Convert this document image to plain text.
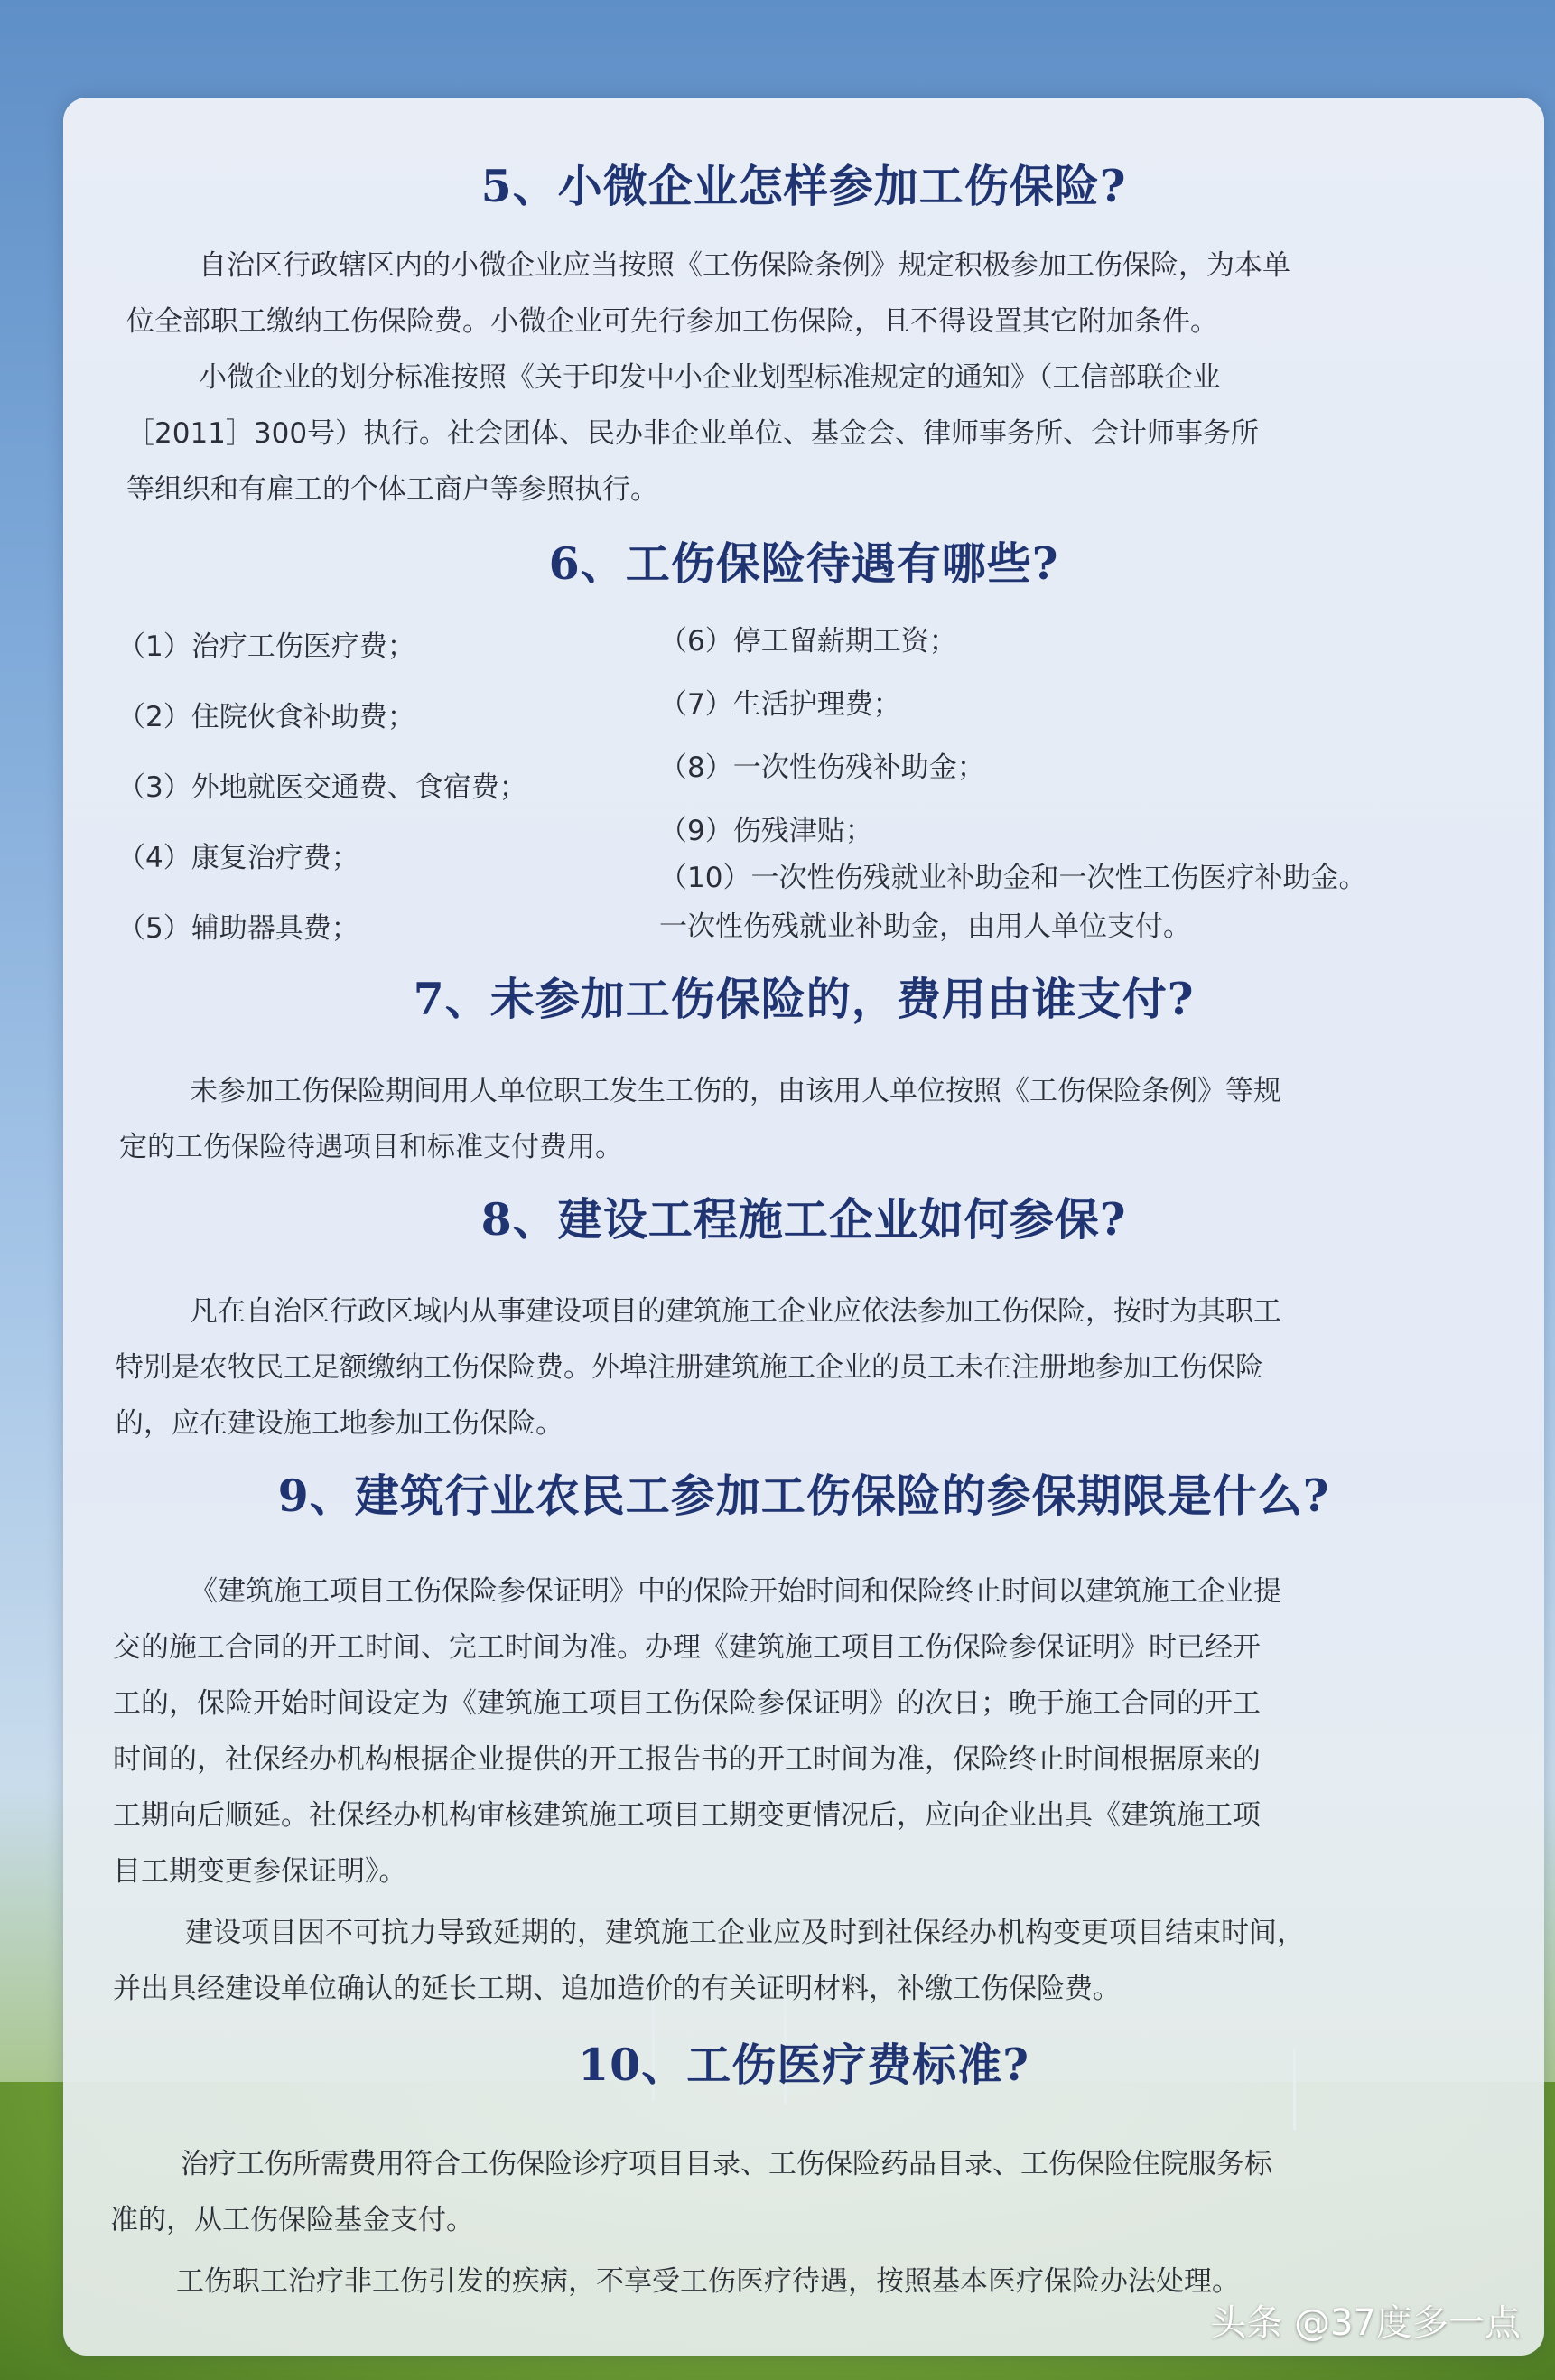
5、小微企业怎样参加工伤保险?
自治区行政辖区内的小微企业应当按照《工伤保险条例》规定积极参加工伤保险，为本单
位全部职工缴纳工伤保险费。小微企业可先行参加工伤保险，且不得设置其它附加条件。
小微企业的划分标准按照《关于印发中小企业划型标准规定的通知》（工信部联企业
［2011］300号）执行。社会团体、民办非企业单位、基金会、律师事务所、会计师事务所
等组织和有雇工的个体工商户等参照执行。
6、工伤保险待遇有哪些?
（1）治疗工伤医疗费；
（2）住院伙食补助费；
（3）外地就医交通费、食宿费；
（4）康复治疗费；
（5）辅助器具费；
（6）停工留薪期工资；
（7）生活护理费；
（8）一次性伤残补助金；
（9）伤残津贴；
（10）一次性伤残就业补助金和一次性工伤医疗补助金。
一次性伤残就业补助金，由用人单位支付。
7、未参加工伤保险的，费用由谁支付?
未参加工伤保险期间用人单位职工发生工伤的，由该用人单位按照《工伤保险条例》等规
定的工伤保险待遇项目和标准支付费用。
8、建设工程施工企业如何参保?
凡在自治区行政区域内从事建设项目的建筑施工企业应依法参加工伤保险，按时为其职工
特别是农牧民工足额缴纳工伤保险费。外埠注册建筑施工企业的员工未在注册地参加工伤保险
的，应在建设施工地参加工伤保险。
9、建筑行业农民工参加工伤保险的参保期限是什么?
《建筑施工项目工伤保险参保证明》中的保险开始时间和保险终止时间以建筑施工企业提
交的施工合同的开工时间、完工时间为准。办理《建筑施工项目工伤保险参保证明》时已经开
工的，保险开始时间设定为《建筑施工项目工伤保险参保证明》的次日；晚于施工合同的开工
时间的，社保经办机构根据企业提供的开工报告书的开工时间为准，保险终止时间根据原来的
工期向后顺延。社保经办机构审核建筑施工项目工期变更情况后，应向企业出具《建筑施工项
目工期变更参保证明》。
建设项目因不可抗力导致延期的，建筑施工企业应及时到社保经办机构变更项目结束时间，
并出具经建设单位确认的延长工期、追加造价的有关证明材料，补缴工伤保险费。
10、工伤医疗费标准?
治疗工伤所需费用符合工伤保险诊疗项目目录、工伤保险药品目录、工伤保险住院服务标
准的，从工伤保险基金支付。
工伤职工治疗非工伤引发的疾病，不享受工伤医疗待遇，按照基本医疗保险办法处理。
头条 @37度多一点
